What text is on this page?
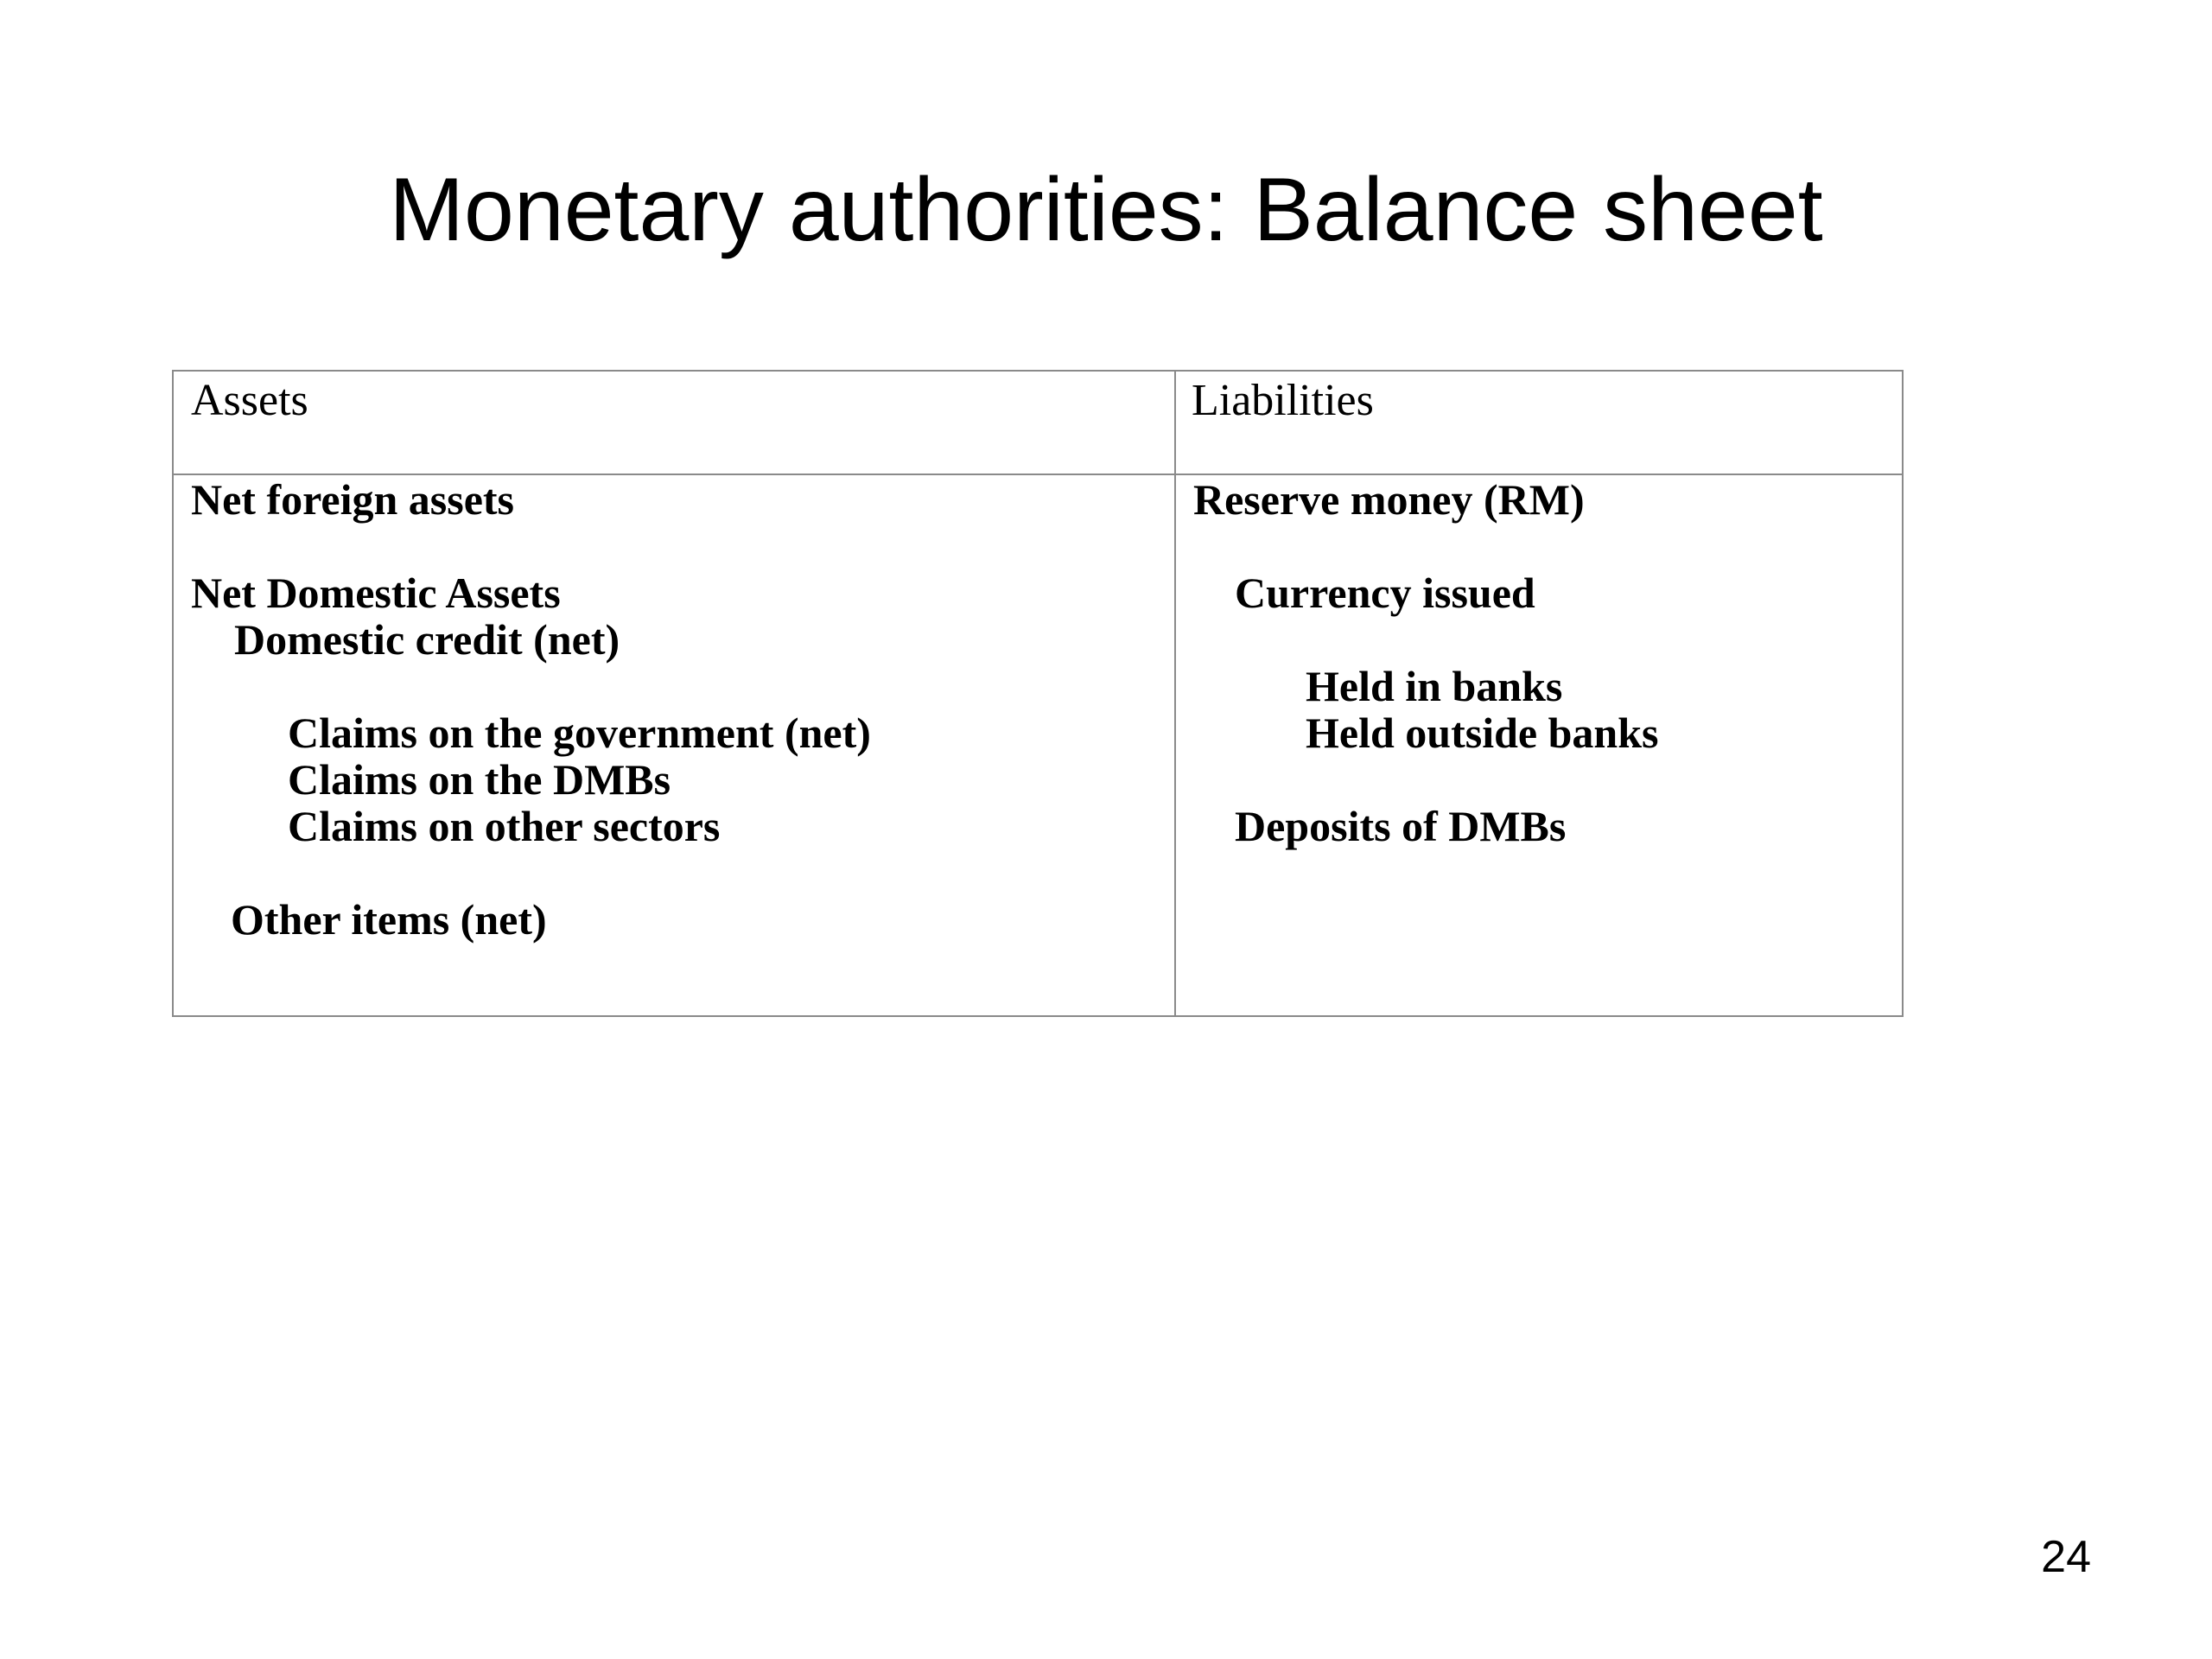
Monetary authorities: Balance sheet
Assets	Liabilities
Net foreign assets
Net Domestic Assets
Domestic credit (net)
Claims on the government (net)
Claims on the DMBs
Claims on other sectors
Other items (net)
Reserve money (RM)
Currency issued
Held in banks
Held outside banks
Deposits of DMBs
24
